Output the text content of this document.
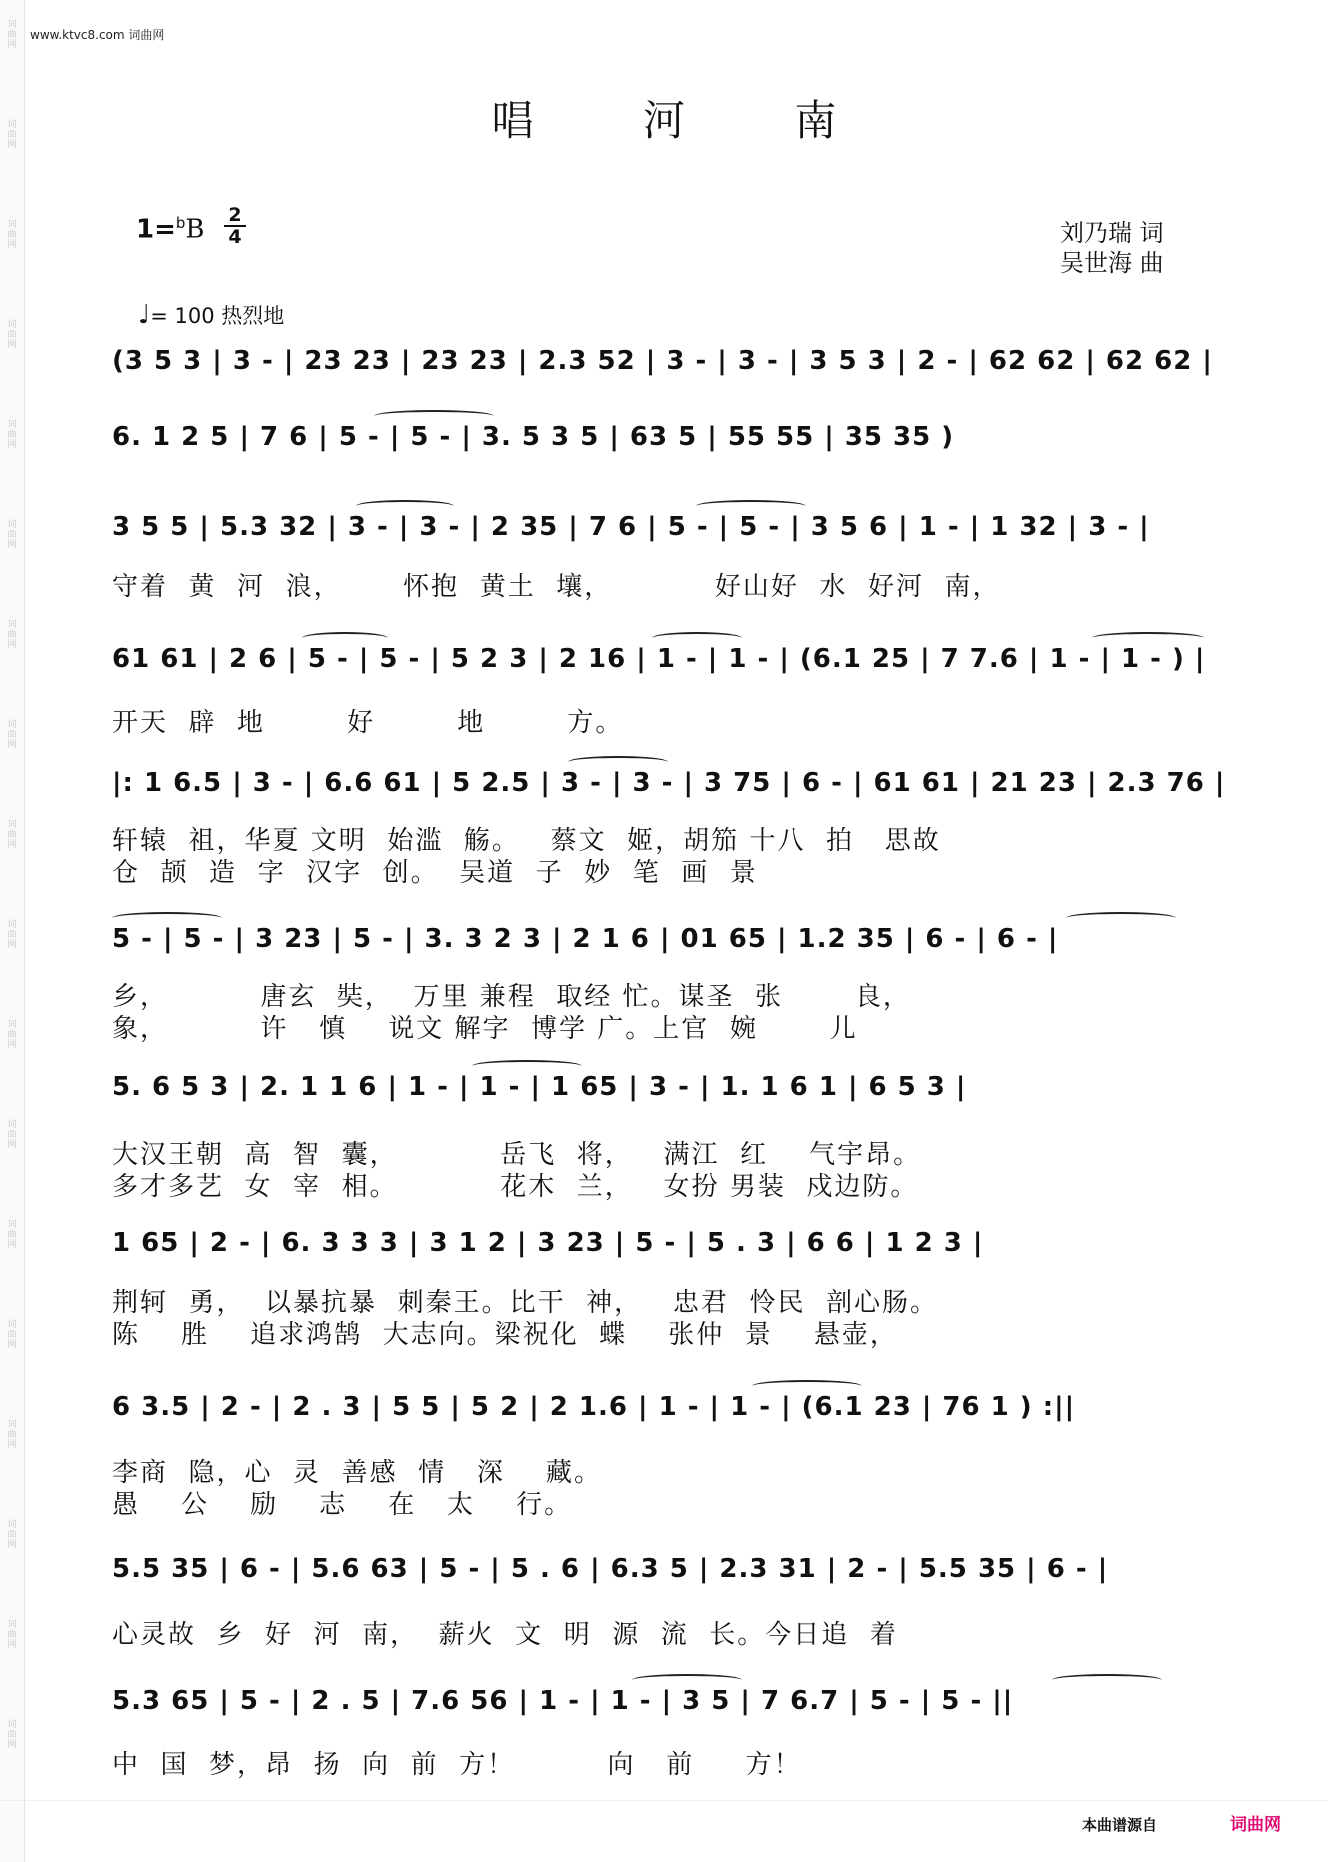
词曲网
词曲网
词曲网
词曲网
词曲网
词曲网
词曲网
词曲网
词曲网
词曲网
词曲网
词曲网
词曲网
词曲网
词曲网
词曲网
词曲网
词曲网
www.ktvc8.com 词曲网
唱 河 南
1=$^b$B 2
4	刘乃瑞 词
吴世海 曲
♩= 100 热烈地
(3 5 3 | 3 - | 23 23 | 23 23 | 2.3 52 | 3 - | 3 - | 3 5 3 | 2 - | 62 62 | 62 62 |
6. 1 2 5 | 7 6 | 5 - | 5 - | 3. 5 3 5 | 63 5 | 55 55 | 35 35 )
3 5 5 | 5.3 32 | 3 - | 3 - | 2 35 | 7 6 | 5 - | 5 - | 3 5 6 | 1 - | 1 32 | 3 - |
守着  黄  河  浪，      怀抱  黄土  壤，          好山好  水  好河  南，
61 61 | 2 6 | 5 - | 5 - | 5 2 3 | 2 16 | 1 - | 1 - | (6.1 25 | 7 7.6 | 1 - | 1 - ) |
开天  辟  地        好        地        方。
|: 1 6.5 | 3 - | 6.6 61 | 5 2.5 | 3 - | 3 - | 3 75 | 6 - | 61 61 | 21 23 | 2.3 76 |
轩辕  祖，华夏 文明  始滥  觞。   蔡文  姬，胡笳 十八  拍   思故
仓  颉  造  字  汉字  创。  吴道  子  妙  笔  画  景
5 - | 5 - | 3 23 | 5 - | 3. 3 2 3 | 2 1 6 | 01 65 | 1.2 35 | 6 - | 6 - |
乡，         唐玄  奘，  万里 兼程  取经 忙。谋圣  张       良，
象，         许   慎    说文 解字  博学 广。上官  婉       儿
5. 6 5 3 | 2. 1 1 6 | 1 - | 1 - | 1 65 | 3 - | 1. 1 6 1 | 6 5 3 |
大汉王朝  高  智  囊，          岳飞  将，   满江  红    气宇昂。
多才多艺  女  宰  相。          花木  兰，   女扮 男装  戍边防。
1 65 | 2 - | 6. 3 3 3 | 3 1 2 | 3 23 | 5 - | 5 . 3 | 6 6 | 1 2 3 |
荆轲  勇，  以暴抗暴  刺秦王。比干  神，   忠君  怜民  剖心肠。
陈    胜    追求鸿鹄  大志向。梁祝化  蝶    张仲  景    悬壶，
6 3.5 | 2 - | 2 . 3 | 5 5 | 5 2 | 2 1.6 | 1 - | 1 - | (6.1 23 | 76 1 ) :||
李商  隐，心  灵  善感  情   深    藏。
愚    公    励    志    在   太    行。
5.5 35 | 6 - | 5.6 63 | 5 - | 5 . 6 | 6.3 5 | 2.3 31 | 2 - | 5.5 35 | 6 - |
心灵故  乡  好  河  南，  薪火  文  明  源  流  长。今日追  着
5.3 65 | 5 - | 2 . 5 | 7.6 56 | 1 - | 1 - | 3 5 | 7 6.7 | 5 - | 5 - ||
中  国  梦，昂  扬  向  前  方！         向   前     方！
本曲谱源自	词曲网
